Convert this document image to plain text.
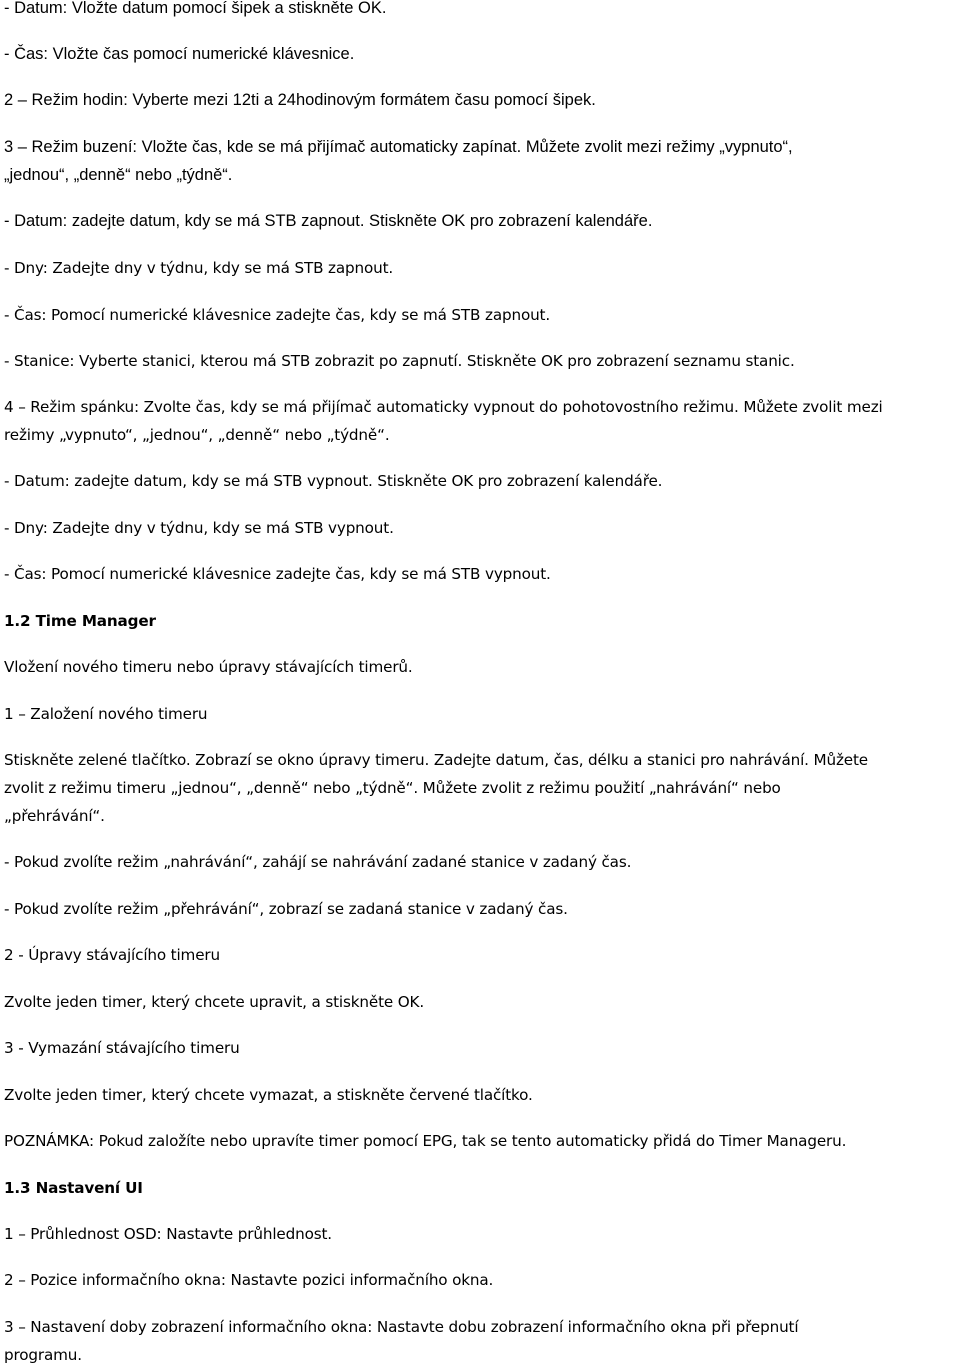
- Datum: Vložte datum pomocí šipek a stiskněte OK.
- Čas: Vložte čas pomocí numerické klávesnice.
2 – Režim hodin: Vyberte mezi 12ti a 24hodinovým formátem času pomocí šipek.
3 – Režim buzení: Vložte čas, kde se má přijímač automaticky zapínat. Můžete zvolit mezi režimy „vypnuto“,
„jednou“, „denně“ nebo „týdně“.
- Datum: zadejte datum, kdy se má STB zapnout. Stiskněte OK pro zobrazení kalendáře.
- Dny: Zadejte dny v týdnu, kdy se má STB zapnout.
- Čas: Pomocí numerické klávesnice zadejte čas, kdy se má STB zapnout.
- Stanice: Vyberte stanici, kterou má STB zobrazit po zapnutí. Stiskněte OK pro zobrazení seznamu stanic.
4 – Režim spánku: Zvolte čas, kdy se má přijímač automaticky vypnout do pohotovostního režimu. Můžete zvolit mezi
režimy „vypnuto“, „jednou“, „denně“ nebo „týdně“.
- Datum: zadejte datum, kdy se má STB vypnout. Stiskněte OK pro zobrazení kalendáře.
- Dny: Zadejte dny v týdnu, kdy se má STB vypnout.
- Čas: Pomocí numerické klávesnice zadejte čas, kdy se má STB vypnout.
1.2 Time Manager
Vložení nového timeru nebo úpravy stávajících timerů.
1 – Založení nového timeru
Stiskněte zelené tlačítko. Zobrazí se okno úpravy timeru. Zadejte datum, čas, délku a stanici pro nahrávání. Můžete
zvolit z režimu timeru „jednou“, „denně“ nebo „týdně“. Můžete zvolit z režimu použití „nahrávání“ nebo
„přehrávání“.
- Pokud zvolíte režim „nahrávání“, zahájí se nahrávání zadané stanice v zadaný čas.
- Pokud zvolíte režim „přehrávání“, zobrazí se zadaná stanice v zadaný čas.
2 - Úpravy stávajícího timeru
Zvolte jeden timer, který chcete upravit, a stiskněte OK.
3 - Vymazání stávajícího timeru
Zvolte jeden timer, který chcete vymazat, a stiskněte červené tlačítko.
POZNÁMKA: Pokud založíte nebo upravíte timer pomocí EPG, tak se tento automaticky přidá do Timer Manageru.
1.3 Nastavení UI
1 – Průhlednost OSD: Nastavte průhlednost.
2 – Pozice informačního okna: Nastavte pozici informačního okna.
3 – Nastavení doby zobrazení informačního okna: Nastavte dobu zobrazení informačního okna při přepnutí
programu.
